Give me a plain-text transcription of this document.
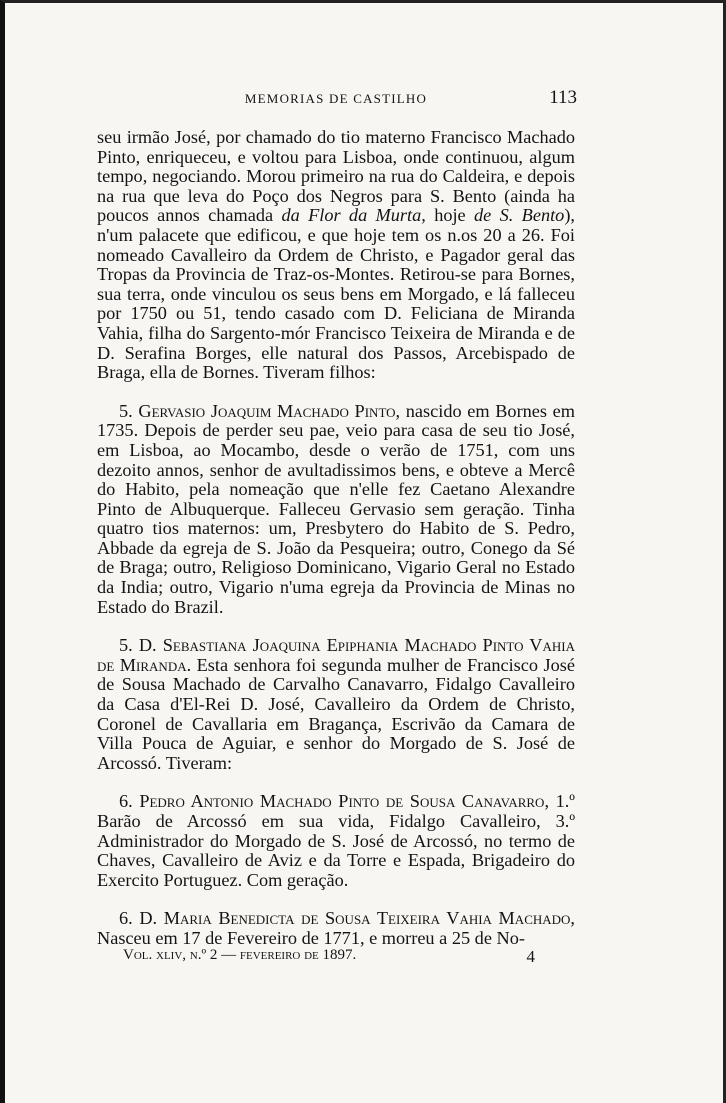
MEMORIAS DE CASTILHO	113

seu irmão José, por chamado do tio materno Francisco Machado Pinto, enriqueceu, e voltou para Lisboa, onde continuou, algum tempo, negociando. Morou primeiro na rua do Caldeira, e depois na rua que leva do Poço dos Negros para S. Bento (ainda ha poucos annos chamada da Flor da Murta, hoje de S. Bento), n'um palacete que edificou, e que hoje tem os n.os 20 a 26. Foi nomeado Cavalleiro da Ordem de Christo, e Pagador geral das Tropas da Provincia de Traz-os-Montes. Retirou-se para Bornes, sua terra, onde vinculou os seus bens em Morgado, e lá falleceu por 1750 ou 51, tendo casado com D. Feliciana de Miranda Vahia, filha do Sargento-mór Francisco Teixeira de Miranda e de D. Serafina Borges, elle natural dos Passos, Arcebispado de Braga, ella de Bornes. Tiveram filhos:

5. Gervasio Joaquim Machado Pinto, nascido em Bornes em 1735. Depois de perder seu pae, veio para casa de seu tio José, em Lisboa, ao Mocambo, desde o verão de 1751, com uns dezoito annos, senhor de avultadissimos bens, e obteve a Mercê do Habito, pela nomeação que n'elle fez Caetano Alexandre Pinto de Albuquerque. Falleceu Gervasio sem geração. Tinha quatro tios maternos: um, Presbytero do Habito de S. Pedro, Abbade da egreja de S. João da Pesqueira; outro, Conego da Sé de Braga; outro, Religioso Dominicano, Vigario Geral no Estado da India; outro, Vigario n'uma egreja da Provincia de Minas no Estado do Brazil.

5. D. Sebastiana Joaquina Epiphania Machado Pinto Vahia de Miranda. Esta senhora foi segunda mulher de Francisco José de Sousa Machado de Carvalho Canavarro, Fidalgo Cavalleiro da Casa d'El-Rei D. José, Cavalleiro da Ordem de Christo, Coronel de Cavallaria em Bragança, Escrivão da Camara de Villa Pouca de Aguiar, e senhor do Morgado de S. José de Arcossó. Tiveram:

6. Pedro Antonio Machado Pinto de Sousa Canavarro, 1.º Barão de Arcossó em sua vida, Fidalgo Cavalleiro, 3.º Administrador do Morgado de S. José de Arcossó, no termo de Chaves, Cavalleiro de Aviz e da Torre e Espada, Brigadeiro do Exercito Portuguez. Com geração.

6. D. Maria Benedicta de Sousa Teixeira Vahia Machado, Nasceu em 17 de Fevereiro de 1771, e morreu a 25 de No-

Vol. xliv, n.º 2 — fevereiro de 1897.	4
